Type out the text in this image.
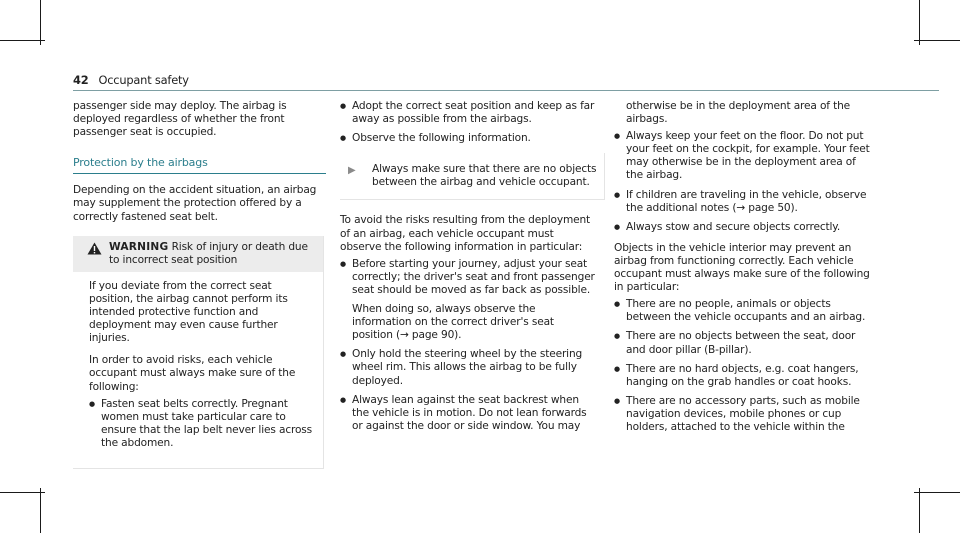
42 Occupant safety

passenger side may deploy. The airbag is deployed regardless of whether the front passenger seat is occupied.

Protection by the airbags

Depending on the accident situation, an airbag may supplement the protection offered by a correctly fastened seat belt.

WARNING Risk of injury or death due to incorrect seat position

If you deviate from the correct seat position, the airbag cannot perform its intended protective function and deployment may even cause further injuries.

In order to avoid risks, each vehicle occupant must always make sure of the following:

● Fasten seat belts correctly. Pregnant women must take particular care to ensure that the lap belt never lies across the abdomen.
● Adopt the correct seat position and keep as far away as possible from the airbags.
● Observe the following information.
▶	Always make sure that there are no objects between the airbag and vehicle occupant.

To avoid the risks resulting from the deployment of an airbag, each vehicle occupant must observe the following information in particular:

● Before starting your journey, adjust your seat correctly; the driver's seat and front passenger seat should be moved as far back as possible.
When doing so, always observe the information on the correct driver's seat position (→ page 90).
● Only hold the steering wheel by the steering wheel rim. This allows the airbag to be fully deployed.
● Always lean against the seat backrest when the vehicle is in motion. Do not lean forwards or against the door or side window. You may

otherwise be in the deployment area of the airbags.

● Always keep your feet on the floor. Do not put your feet on the cockpit, for example. Your feet may otherwise be in the deployment area of the airbag.
● If children are traveling in the vehicle, observe the additional notes (→ page 50).
● Always stow and secure objects correctly.

Objects in the vehicle interior may prevent an airbag from functioning correctly. Each vehicle occupant must always make sure of the following in particular:

● There are no people, animals or objects between the vehicle occupants and an airbag.
● There are no objects between the seat, door and door pillar (B-pillar).
● There are no hard objects, e.g. coat hangers, hanging on the grab handles or coat hooks.
● There are no accessory parts, such as mobile navigation devices, mobile phones or cup holders, attached to the vehicle within the
